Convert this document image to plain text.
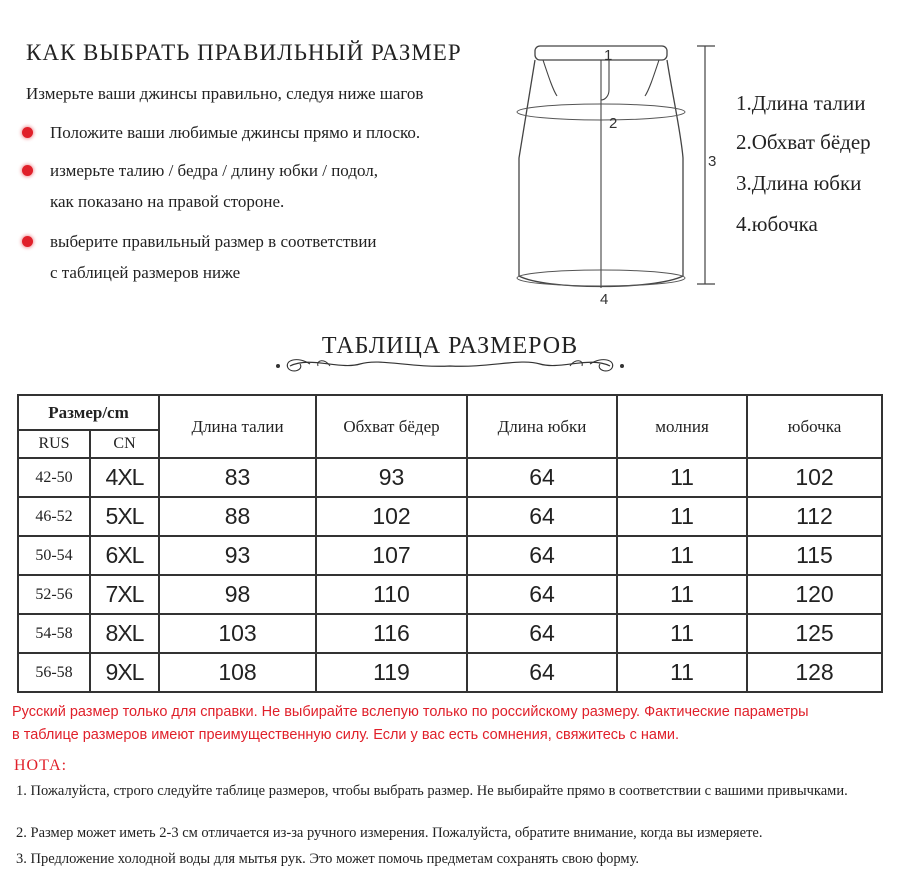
КАК ВЫБРАТЬ ПРАВИЛЬНЫЙ РАЗМЕР
Измерьте ваши джинсы правильно, следуя ниже шагов
Положите ваши любимые джинсы прямо и плоско.
измерьте талию / бедра / длину юбки / подол,
как показано на правой стороне.
выберите правильный размер в соответствии
с таблицей размеров ниже
1
2
3
4
1.Длина талии
2.Обхват бёдер
3.Длина юбки
4.юбочка
ТАБЛИЦА РАЗМЕРОВ
Размер/cm		Длина талии	Обхват бёдер	Длина юбки	молния	юбочка
RUS	CN					
42-50	4XL	83	93	64	11	102
46-52	5XL	88	102	64	11	112
50-54	6XL	93	107	64	11	115
52-56	7XL	98	110	64	11	120
54-58	8XL	103	116	64	11	125
56-58	9XL	108	119	64	11	128
Русский размер только для справки. Не выбирайте вслепую только по российскому размеру. Фактические параметры
в таблице размеров имеют преимущественную силу. Если у вас есть сомнения, свяжитесь с нами.
НОТА:
1. Пожалуйста, строго следуйте таблице размеров, чтобы выбрать размер. Не выбирайте прямо в соответствии с вашими привычками.
2. Размер может иметь 2-3 см отличается из-за ручного измерения. Пожалуйста, обратите внимание, когда вы измеряете.
3. Предложение холодной воды для мытья рук. Это может помочь предметам сохранять свою форму.
